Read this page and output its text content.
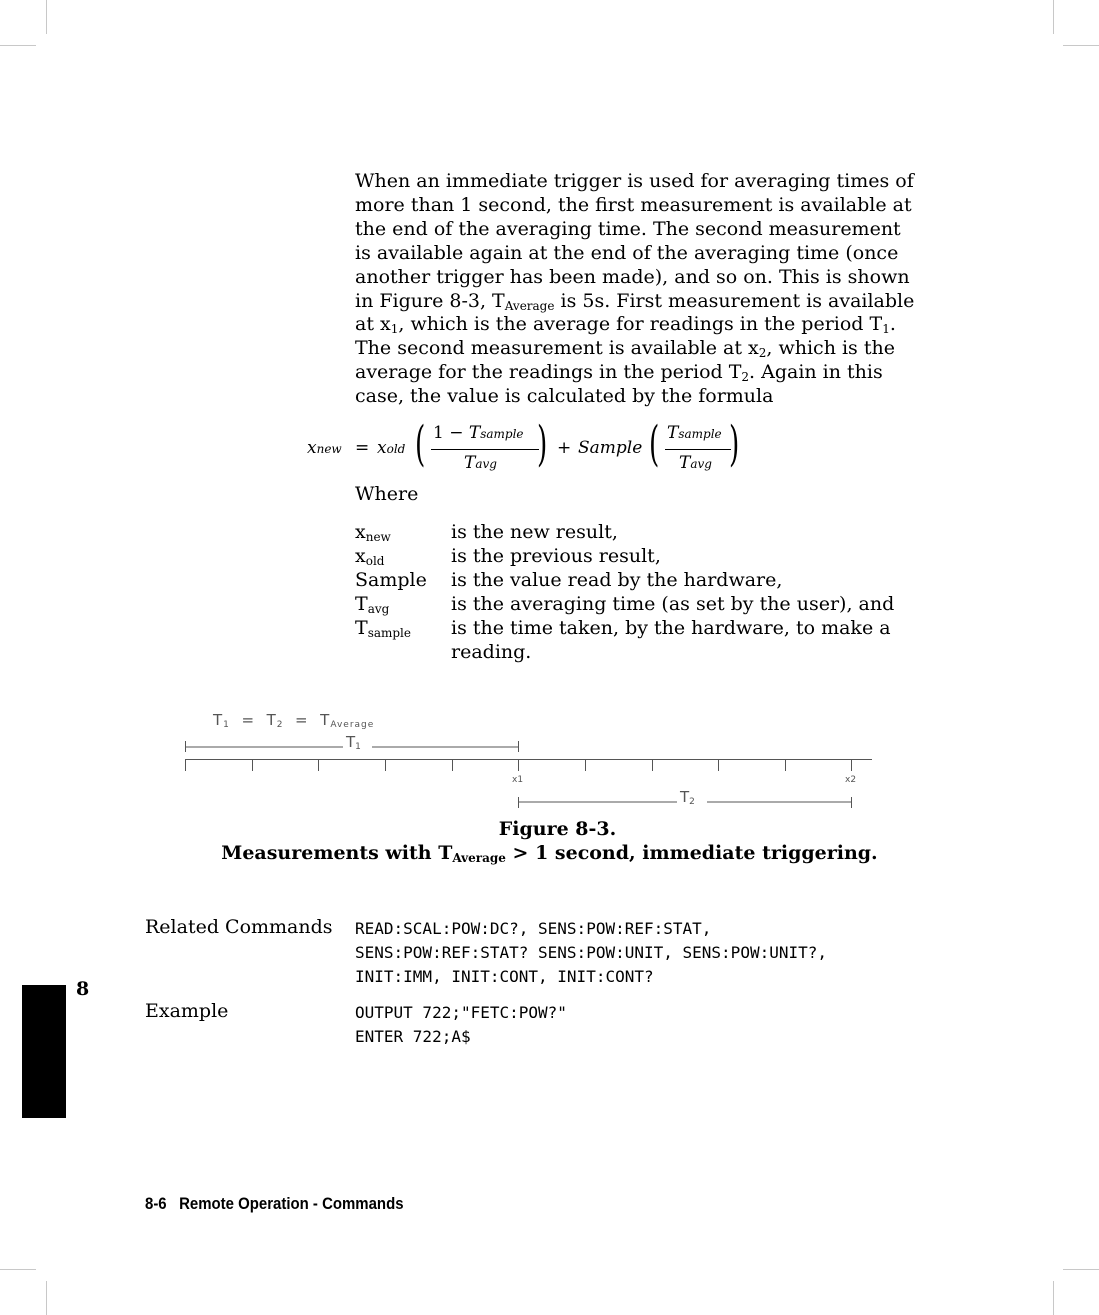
When an immediate trigger is used for averaging times of more than 1 second, the first measurement is available at the end of the averaging time. The second measurement is available again at the end of the averaging time (once another trigger has been made), and so on. This is shown in Figure 8-3, $T_{Average}$ is 5s. First measurement is available at $x_1$, which is the average for readings in the period $T_1$. The second measurement is available at $x_2$, which is the average for the readings in the period $T_2$. Again in this case, the value is calculated by the formula

xnew = xold ( 1 − Tsample
Tavg ) + Sample ( Tsample
Tavg )
Where
$x_{new}$	is the new result,
$x_{old}$	is the previous result,
Sample	is the value read by the hardware,
$T_{avg}$	is the averaging time (as set by the user), and
$T_{sample}$	is the time taken, by the hardware, to make a reading.
T1 = T2 = TAverage
T1
T2
x1	x2
Figure 8-3.
Measurements with $T_{Average} > 1$ second, immediate triggering.
Related Commands READ:SCAL:POW:DC?, SENS:POW:REF:STAT,
SENS:POW:REF:STAT? SENS:POW:UNIT, SENS:POW:UNIT?,
INIT:IMM, INIT:CONT, INIT:CONT?
Example	OUTPUT 722;"FETC:POW?"
ENTER 722;A$
8
8-6 Remote Operation - Commands
